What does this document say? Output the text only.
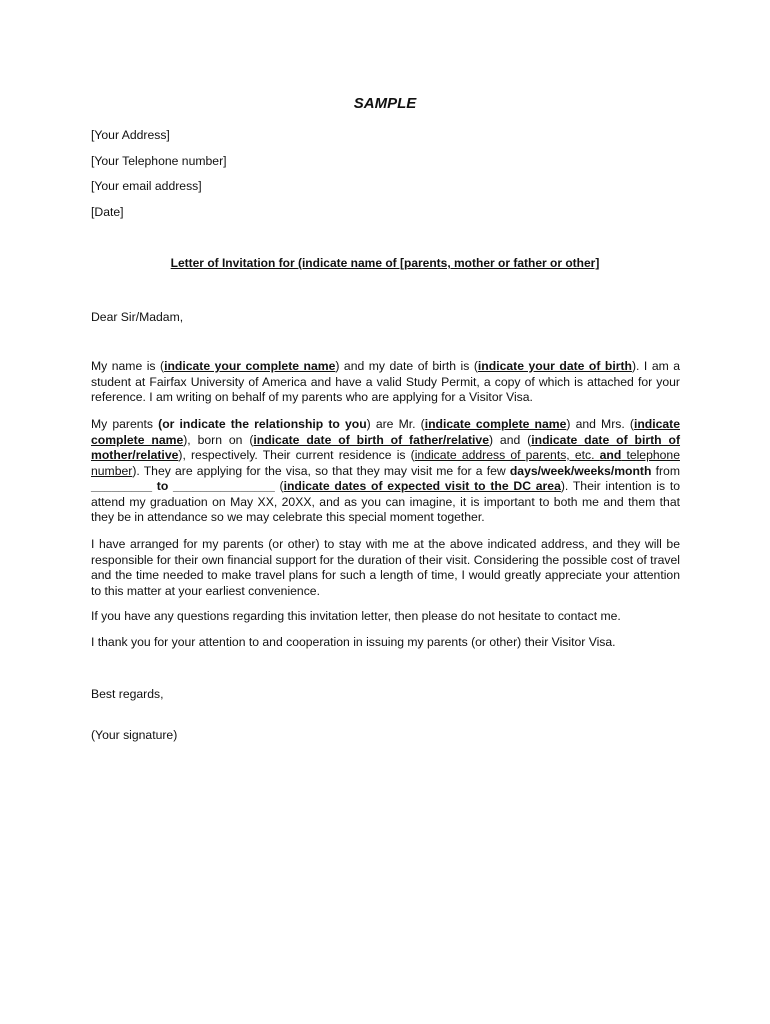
SAMPLE
[Your Address]
[Your Telephone number]
[Your email address]
[Date]
Letter of Invitation for (indicate name of [parents, mother or father or other]
Dear Sir/Madam,
My name is (indicate your complete name) and my date of birth is (indicate your date of birth). I am a student at Fairfax University of America and have a valid Study Permit, a copy of which is attached for your reference. I am writing on behalf of my parents who are applying for a Visitor Visa.
My parents (or indicate the relationship to you) are Mr. (indicate complete name) and Mrs. (indicate complete name), born on (indicate date of birth of father/relative) and (indicate date of birth of mother/relative), respectively. Their current residence is (indicate address of parents, etc. and telephone number). They are applying for the visa, so that they may visit me for a few days/week/weeks/month from _________ to _______________ (indicate dates of expected visit to the DC area). Their intention is to attend my graduation on May XX, 20XX, and as you can imagine, it is important to both me and them that they be in attendance so we may celebrate this special moment together.
I have arranged for my parents (or other) to stay with me at the above indicated address, and they will be responsible for their own financial support for the duration of their visit. Considering the possible cost of travel and the time needed to make travel plans for such a length of time, I would greatly appreciate your attention to this matter at your earliest convenience.
If you have any questions regarding this invitation letter, then please do not hesitate to contact me.
I thank you for your attention to and cooperation in issuing my parents (or other) their Visitor Visa.
Best regards,
(Your signature)
